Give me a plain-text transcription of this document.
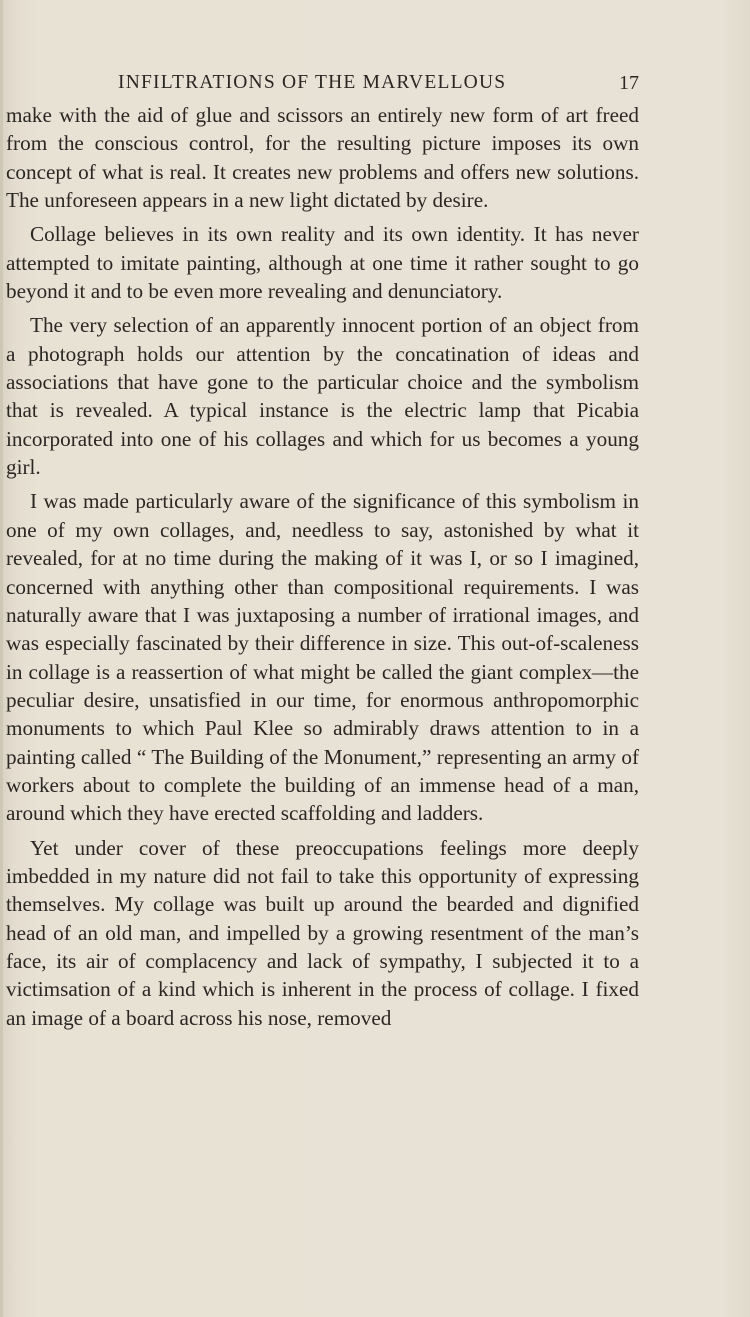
INFILTRATIONS OF THE MARVELLOUS	17

make with the aid of glue and scissors an entirely new form of art freed from the conscious control, for the resulting picture imposes its own concept of what is real. It creates new problems and offers new solutions. The unforeseen appears in a new light dictated by desire.

Collage believes in its own reality and its own identity. It has never attempted to imitate painting, although at one time it rather sought to go beyond it and to be even more revealing and denunciatory.

The very selection of an apparently innocent portion of an object from a photograph holds our attention by the concatination of ideas and associations that have gone to the particular choice and the symbolism that is revealed. A typical instance is the electric lamp that Picabia incorporated into one of his collages and which for us becomes a young girl.

I was made particularly aware of the significance of this symbolism in one of my own collages, and, needless to say, astonished by what it revealed, for at no time during the making of it was I, or so I imagined, concerned with anything other than compositional requirements. I was naturally aware that I was juxtaposing a number of irrational images, and was especially fascinated by their difference in size. This out-of-scaleness in collage is a reassertion of what might be called the giant complex—the peculiar desire, unsatisfied in our time, for enormous anthropomorphic monuments to which Paul Klee so admirably draws attention to in a painting called “ The Building of the Monument,” representing an army of workers about to complete the building of an immense head of a man, around which they have erected scaffolding and ladders.

Yet under cover of these preoccupations feelings more deeply imbedded in my nature did not fail to take this opportunity of expressing themselves. My collage was built up around the bearded and dignified head of an old man, and impelled by a growing resentment of the man’s face, its air of complacency and lack of sympathy, I subjected it to a victimsation of a kind which is inherent in the process of collage. I fixed an image of a board across his nose, removed
